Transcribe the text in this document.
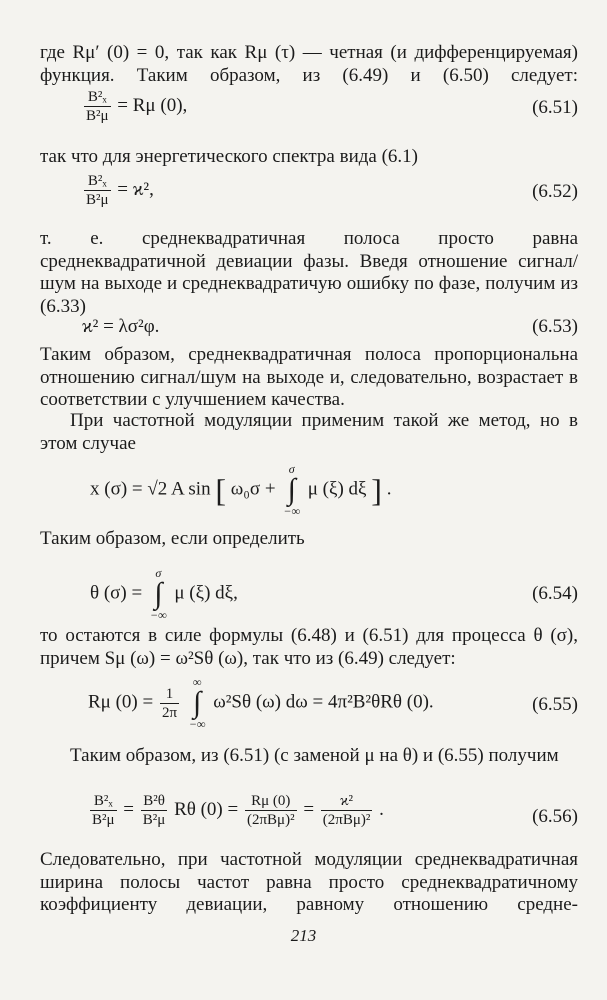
где Rμ′ (0) = 0, так как Rμ (τ) — четная (и дифференцируемая) функция. Таким образом, из (6.49) и (6.50) следует:
$\frac{\text{B²ₓ}}{\text{B²μ}} = R\mu$ (0),	(6.51)
так что для энергетического спектра вида (6.1)
$\frac{\text{B²ₓ}}{\text{B²μ}} = ϰ^2$,	(6.52)
т. е. среднеквадратичная полоса просто равна среднеквадратичной девиации фазы. Введя отношение сигнал/шум на выходе и среднеквадратичую ошибку по фазе, получим из (6.33)
ϰ² = λσ²φ.	(6.53)
Таким образом, среднеквадратичная полоса пропорциональна отношению сигнал/шум на выходе и, следовательно, возрастает в соответствии с улучшением качества.
При частотной модуляции применим такой же метод, но в этом случае
x (σ) = √2 A sin [ ω₀σ +
σ
∫
−∞
μ (ξ) dξ ] .
Таким образом, если определить
θ (σ) =
σ
∫
−∞
μ (ξ) dξ,	(6.54)
то остаются в силе формулы (6.48) и (6.51) для процесса θ (σ), причем Sμ (ω) = ω²Sθ (ω), так что из (6.49) следует:
Rμ $(0) = \frac{1}{2\pi}$

∞
∫
−∞
ω²Sθ (ω) dω = 4π²B²θRθ (0).	(6.55)
Таким образом, из (6.51) (с заменой μ на θ) и (6.55) получим
$\frac{\text{B²ₓ}}{\text{B²μ}} = \frac{\text{B²θ}}{\text{B²μ}}$ Rθ $(0) = \frac{R\mu (0)}{\text{(2πBμ)²}} = \frac{\text{ϰ²}}{\text{(2πBμ)²}}$ .	(6.56)
Следовательно, при частотной модуляции среднеквадратичная ширина полосы частот равна просто среднеквадратичному коэффициенту девиации, равному отношению средне-
213
